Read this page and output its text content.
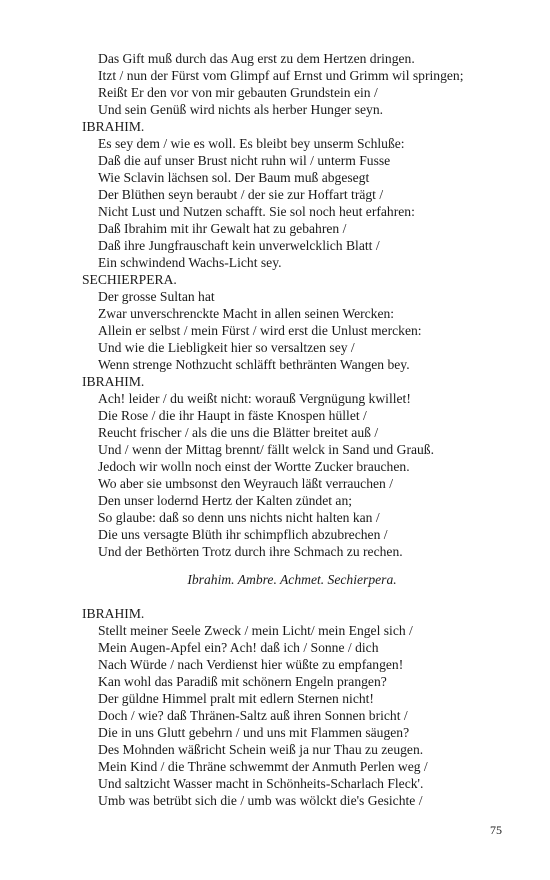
Das Gift muß durch das Aug erst zu dem Hertzen dringen.
Itzt / nun der Fürst vom Glimpf auf Ernst und Grimm wil springen;
Reißt Er den vor von mir gebauten Grundstein ein /
Und sein Genüß wird nichts als herber Hunger seyn.
IBRAHIM.
Es sey dem / wie es woll. Es bleibt bey unserm Schluße:
Daß die auf unser Brust nicht ruhn wil / unterm Fusse
Wie Sclavin lächsen sol. Der Baum muß abgesegt
Der Blüthen seyn beraubt / der sie zur Hoffart trägt /
Nicht Lust und Nutzen schafft. Sie sol noch heut erfahren:
Daß Ibrahim mit ihr Gewalt hat zu gebahren /
Daß ihre Jungfrauschaft kein unverwelcklich Blatt /
Ein schwindend Wachs-Licht sey.
SECHIERPERA.
Der grosse Sultan hat
Zwar unverschrenckte Macht in allen seinen Wercken:
Allein er selbst / mein Fürst / wird erst die Unlust mercken:
Und wie die Liebligkeit hier so versaltzen sey /
Wenn strenge Nothzucht schläfft bethränten Wangen bey.
IBRAHIM.
Ach! leider / du weißt nicht: worauß Vergnügung kwillet!
Die Rose / die ihr Haupt in fäste Knospen hüllet /
Reucht frischer / als die uns die Blätter breitet auß /
Und / wenn der Mittag brennt/ fällt welck in Sand und Grauß.
Jedoch wir wolln noch einst der Wortte Zucker brauchen.
Wo aber sie umbsonst den Weyrauch läßt verrauchen /
Den unser lodernd Hertz der Kalten zündet an;
So glaube: daß so denn uns nichts nicht halten kan /
Die uns versagte Blüth ihr schimpflich abzubrechen /
Und der Bethörten Trotz durch ihre Schmach zu rechen.
Ibrahim. Ambre. Achmet. Sechierpera.
IBRAHIM.
Stellt meiner Seele Zweck / mein Licht/ mein Engel sich /
Mein Augen-Apfel ein? Ach! daß ich / Sonne / dich
Nach Würde / nach Verdienst hier wüßte zu empfangen!
Kan wohl das Paradiß mit schönern Engeln prangen?
Der güldne Himmel pralt mit edlern Sternen nicht!
Doch / wie? daß Thränen-Saltz auß ihren Sonnen bricht /
Die in uns Glutt gebehrn / und uns mit Flammen säugen?
Des Mohnden wäßricht Schein weiß ja nur Thau zu zeugen.
Mein Kind / die Thräne schwemmt der Anmuth Perlen weg /
Und saltzicht Wasser macht in Schönheits-Scharlach Fleck'.
Umb was betrübt sich die / umb was wölckt die's Gesichte /
75
